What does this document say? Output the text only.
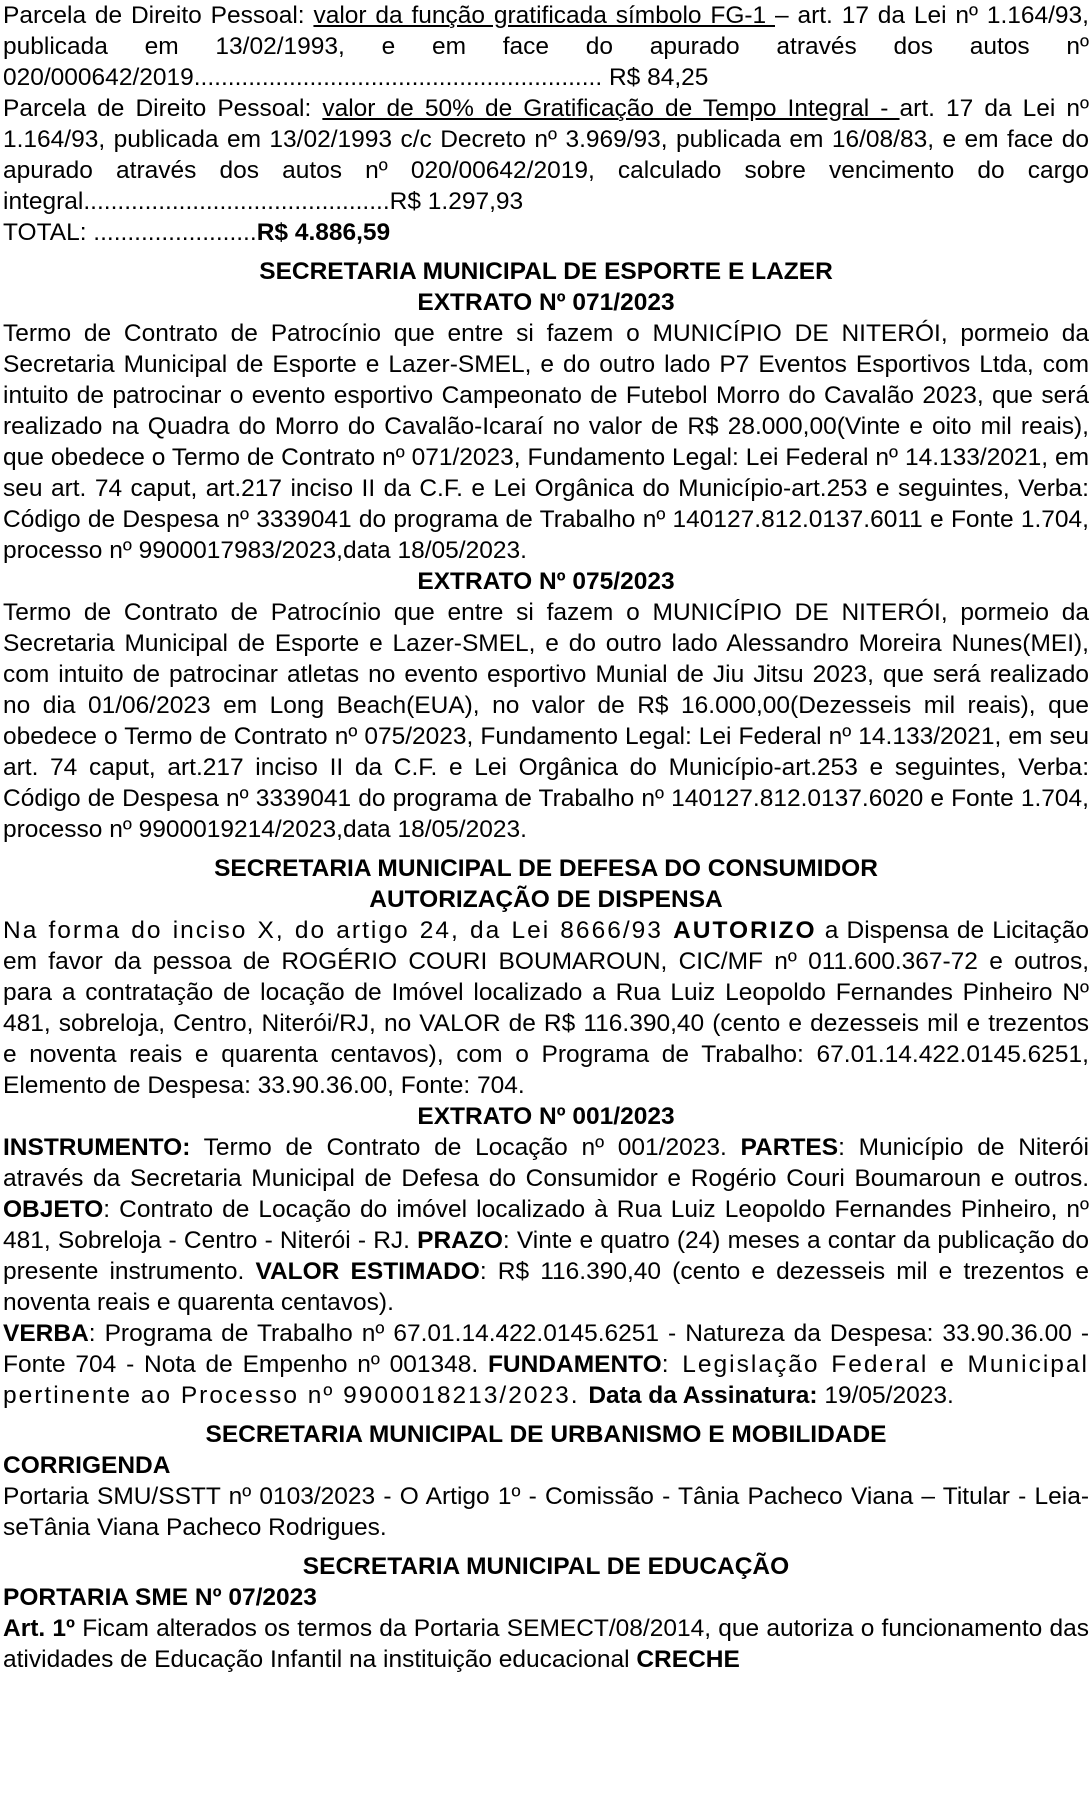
Parcela de Direito Pessoal: valor da função gratificada símbolo FG-1 – art. 17 da Lei nº 1.164/93, publicada em 13/02/1993, e em face do apurado através dos autos nº 020/000642/2019............................................................ R$ 84,25

Parcela de Direito Pessoal: valor de 50% de Gratificação de Tempo Integral - art. 17 da Lei nº 1.164/93, publicada em 13/02/1993 c/c Decreto nº 3.969/93, publicada em 16/08/83, e em face do apurado através dos autos nº 020/00642/2019, calculado sobre vencimento do cargo integral.............................................R$ 1.297,93

TOTAL: ........................R$ 4.886,59

SECRETARIA MUNICIPAL DE ESPORTE E LAZER
EXTRATO Nº 071/2023

Termo de Contrato de Patrocínio que entre si fazem o MUNICÍPIO DE NITERÓI, pormeio da Secretaria Municipal de Esporte e Lazer-SMEL, e do outro lado P7 Eventos Esportivos Ltda, com intuito de patrocinar o evento esportivo Campeonato de Futebol Morro do Cavalão 2023, que será realizado na Quadra do Morro do Cavalão-Icaraí no valor de R$ 28.000,00(Vinte e oito mil reais), que obedece o Termo de Contrato nº 071/2023, Fundamento Legal: Lei Federal nº 14.133/2021, em seu art. 74 caput, art.217 inciso II da C.F. e Lei Orgânica do Município-art.253 e seguintes, Verba: Código de Despesa nº 3339041 do programa de Trabalho nº 140127.812.0137.6011 e Fonte 1.704, processo nº 9900017983/2023,data 18/05/2023.

EXTRATO Nº 075/2023

Termo de Contrato de Patrocínio que entre si fazem o MUNICÍPIO DE NITERÓI, pormeio da Secretaria Municipal de Esporte e Lazer-SMEL, e do outro lado Alessandro Moreira Nunes(MEI), com intuito de patrocinar atletas no evento esportivo Munial de Jiu Jitsu 2023, que será realizado no dia 01/06/2023 em Long Beach(EUA), no valor de R$ 16.000,00(Dezesseis mil reais), que obedece o Termo de Contrato nº 075/2023, Fundamento Legal: Lei Federal nº 14.133/2021, em seu art. 74 caput, art.217 inciso II da C.F. e Lei Orgânica do Município-art.253 e seguintes, Verba: Código de Despesa nº 3339041 do programa de Trabalho nº 140127.812.0137.6020 e Fonte 1.704, processo nº 9900019214/2023,data 18/05/2023.

SECRETARIA MUNICIPAL DE DEFESA DO CONSUMIDOR
AUTORIZAÇÃO DE DISPENSA

Na forma do inciso X, do artigo 24, da Lei 8666/93 AUTORIZO a Dispensa de Licitação em favor da pessoa de ROGÉRIO COURI BOUMAROUN, CIC/MF nº 011.600.367-72 e outros, para a contratação de locação de Imóvel localizado a Rua Luiz Leopoldo Fernandes Pinheiro Nº 481, sobreloja, Centro, Niterói/RJ, no VALOR de R$ 116.390,40 (cento e dezesseis mil e trezentos e noventa reais e quarenta centavos), com o Programa de Trabalho: 67.01.14.422.0145.6251, Elemento de Despesa: 33.90.36.00, Fonte: 704.

EXTRATO Nº 001/2023

INSTRUMENTO: Termo de Contrato de Locação nº 001/2023. PARTES: Município de Niterói através da Secretaria Municipal de Defesa do Consumidor e Rogério Couri Boumaroun e outros. OBJETO: Contrato de Locação do imóvel localizado à Rua Luiz Leopoldo Fernandes Pinheiro, nº 481, Sobreloja - Centro - Niterói - RJ. PRAZO: Vinte e quatro (24) meses a contar da publicação do presente instrumento. VALOR ESTIMADO: R$ 116.390,40 (cento e dezesseis mil e trezentos e noventa reais e quarenta centavos).

VERBA: Programa de Trabalho nº 67.01.14.422.0145.6251 - Natureza da Despesa: 33.90.36.00 - Fonte 704 - Nota de Empenho nº 001348. FUNDAMENTO: Legislação Federal e Municipal pertinente ao Processo nº 9900018213/2023. Data da Assinatura: 19/05/2023.

SECRETARIA MUNICIPAL DE URBANISMO E MOBILIDADE
CORRIGENDA

Portaria SMU/SSTT nº 0103/2023 - O Artigo 1º - Comissão - Tânia Pacheco Viana – Titular - Leia-seTânia Viana Pacheco Rodrigues.

SECRETARIA MUNICIPAL DE EDUCAÇÃO
PORTARIA SME Nº 07/2023

Art. 1º Ficam alterados os termos da Portaria SEMECT/08/2014, que autoriza o funcionamento das atividades de Educação Infantil na instituição educacional CRECHE
